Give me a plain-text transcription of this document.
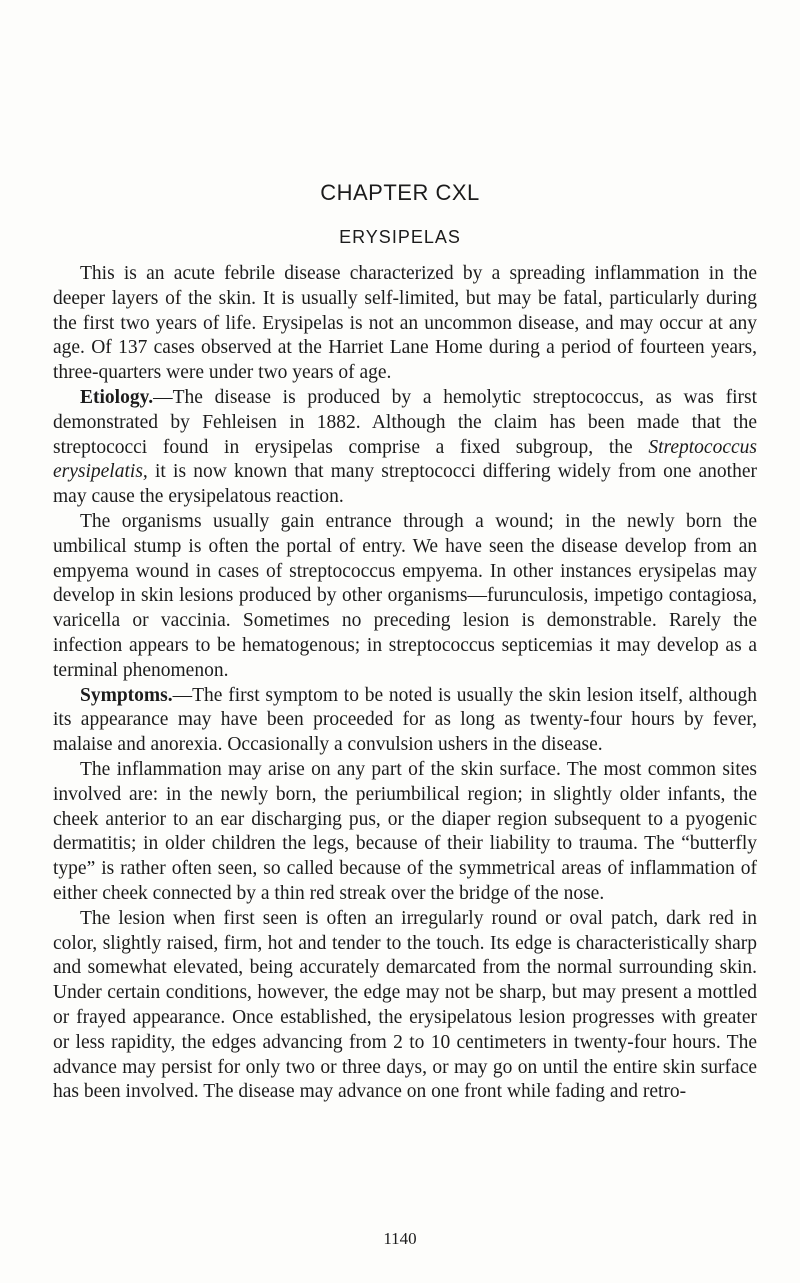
CHAPTER CXL
ERYSIPELAS

This is an acute febrile disease characterized by a spreading inflammation in the deeper layers of the skin. It is usually self-limited, but may be fatal, particularly during the first two years of life. Erysipelas is not an uncommon disease, and may occur at any age. Of 137 cases observed at the Harriet Lane Home during a period of fourteen years, three-quarters were under two years of age.

Etiology.—The disease is produced by a hemolytic streptococcus, as was first demonstrated by Fehleisen in 1882. Although the claim has been made that the streptococci found in erysipelas comprise a fixed subgroup, the Streptococcus erysipelatis, it is now known that many streptococci differing widely from one another may cause the erysipelatous reaction.

The organisms usually gain entrance through a wound; in the newly born the umbilical stump is often the portal of entry. We have seen the disease develop from an empyema wound in cases of streptococcus empyema. In other instances erysipelas may develop in skin lesions produced by other organisms—furunculosis, impetigo contagiosa, varicella or vaccinia. Sometimes no preceding lesion is demonstrable. Rarely the infection appears to be hematogenous; in streptococcus septicemias it may develop as a terminal phenomenon.

Symptoms.—The first symptom to be noted is usually the skin lesion itself, although its appearance may have been proceeded for as long as twenty-four hours by fever, malaise and anorexia. Occasionally a convulsion ushers in the disease.

The inflammation may arise on any part of the skin surface. The most common sites involved are: in the newly born, the periumbilical region; in slightly older infants, the cheek anterior to an ear discharging pus, or the diaper region subsequent to a pyogenic dermatitis; in older children the legs, because of their liability to trauma. The “butterfly type” is rather often seen, so called because of the symmetrical areas of inflammation of either cheek connected by a thin red streak over the bridge of the nose.

The lesion when first seen is often an irregularly round or oval patch, dark red in color, slightly raised, firm, hot and tender to the touch. Its edge is characteristically sharp and somewhat elevated, being accurately demarcated from the normal surrounding skin. Under certain conditions, however, the edge may not be sharp, but may present a mottled or frayed appearance. Once established, the erysipelatous lesion progresses with greater or less rapidity, the edges advancing from 2 to 10 centimeters in twenty-four hours. The advance may persist for only two or three days, or may go on until the entire skin surface has been involved. The disease may advance on one front while fading and retro-

1140
